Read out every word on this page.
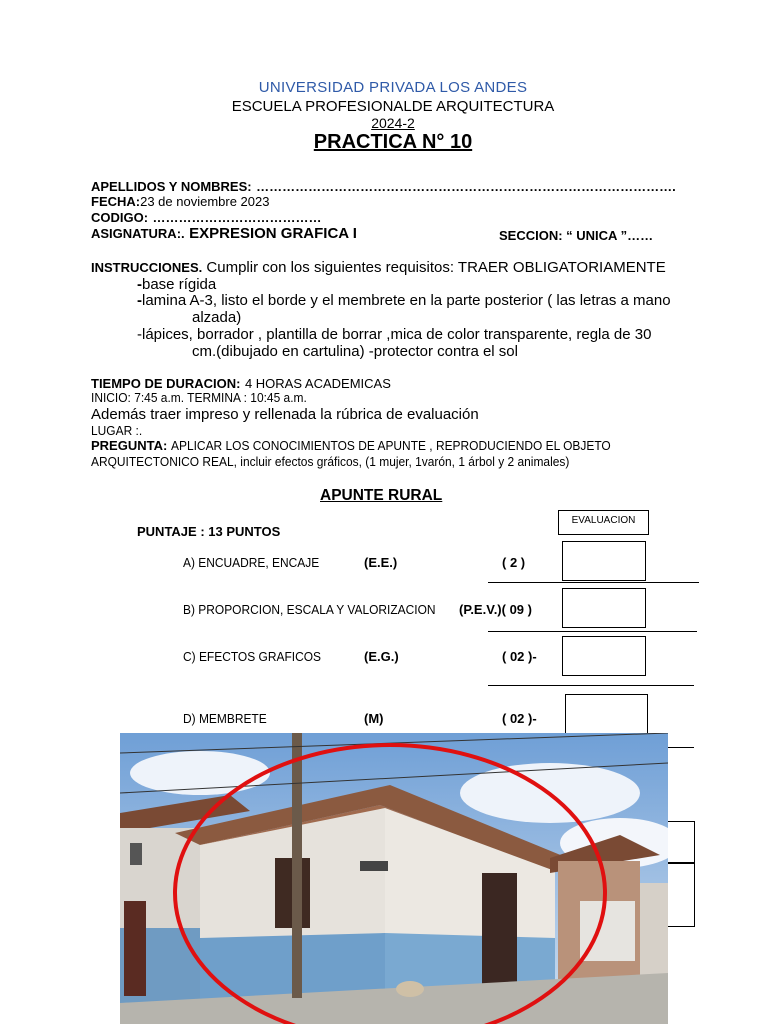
UNIVERSIDAD PRIVADA LOS ANDES
ESCUELA PROFESIONALDE ARQUITECTURA
2024-2
PRACTICA N° 10
APELLIDOS Y NOMBRES: …………………………………………………………………………………….
FECHA:23 de noviembre 2023
CODIGO: …………………………………
ASIGNATURA:. EXPRESION GRAFICA I	SECCION: “ UNICA ”……
INSTRUCCIONES. Cumplir con los siguientes requisitos: TRAER OBLIGATORIAMENTE
-base rígida
-lamina A-3, listo el borde y el membrete en la parte posterior ( las letras a mano
alzada)
-lápices, borrador , plantilla de borrar ,mica de color transparente, regla de 30
cm.(dibujado en cartulina) -protector contra el sol
TIEMPO DE DURACION: 4 HORAS ACADEMICAS
INICIO: 7:45 a.m. TERMINA : 10:45 a.m.
Además traer impreso y rellenada la rúbrica de evaluación
LUGAR :.
PREGUNTA: APLICAR LOS CONOCIMIENTOS DE APUNTE , REPRODUCIENDO EL OBJETO
ARQUITECTONICO REAL, incluir efectos gráficos, (1 mujer, 1varón, 1 árbol y 2 animales)
APUNTE RURAL
PUNTAJE : 13 PUNTOS
EVALUACION
A) ENCUADRE, ENCAJE	(E.E.)	( 2 )
B) PROPORCION, ESCALA Y VALORIZACION (P.E.V.)( 09 )
C) EFECTOS GRAFICOS	(E.G.)	( 02 )-
D) MEMBRETE	(M)	( 02 )-
